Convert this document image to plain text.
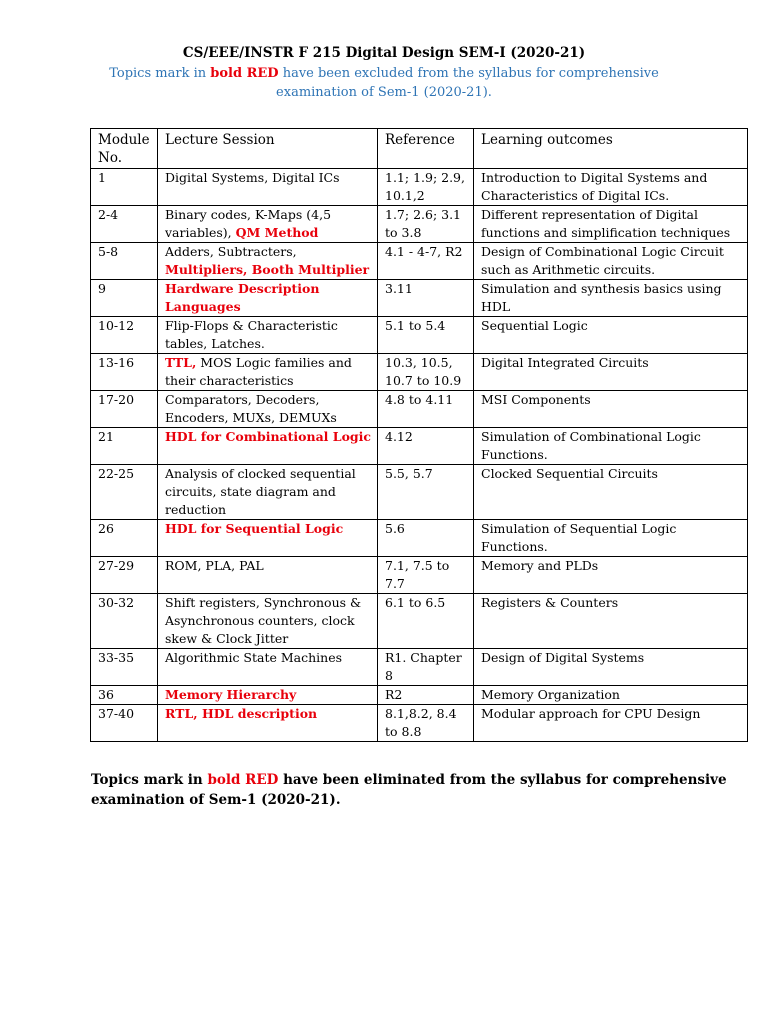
CS/EEE/INSTR F 215 Digital Design SEM-I (2020-21)

Topics mark in bold RED have been excluded from the syllabus for comprehensive examination of Sem-1 (2020-21).

Module No.	Lecture Session	Reference	Learning outcomes
1	Digital Systems, Digital ICs	1.1; 1.9; 2.9, 10.1,2	Introduction to Digital Systems and Characteristics of Digital ICs.
2-4	Binary codes, K-Maps (4,5 variables), QM Method	1.7; 2.6; 3.1 to 3.8	Different representation of Digital functions and simplification techniques
5-8	Adders, Subtracters, Multipliers, Booth Multiplier	4.1 - 4-7, R2	Design of Combinational Logic Circuit such as Arithmetic circuits.
9	Hardware Description Languages	3.11	Simulation and synthesis basics using HDL
10-12	Flip-Flops & Characteristic tables, Latches.	5.1 to 5.4	Sequential Logic
13-16	TTL, MOS Logic families and their characteristics	10.3, 10.5, 10.7 to 10.9	Digital Integrated Circuits
17-20	Comparators, Decoders, Encoders, MUXs, DEMUXs	4.8 to 4.11	MSI Components
21	HDL for Combinational Logic	4.12	Simulation of Combinational Logic Functions.
22-25	Analysis of clocked sequential circuits, state diagram and reduction	5.5, 5.7	Clocked Sequential Circuits
26	HDL for Sequential Logic	5.6	Simulation of Sequential Logic Functions.
27-29	ROM, PLA, PAL	7.1, 7.5 to 7.7	Memory and PLDs
30-32	Shift registers, Synchronous & Asynchronous counters, clock skew & Clock Jitter	6.1 to 6.5	Registers & Counters
33-35	Algorithmic State Machines	R1. Chapter 8	Design of Digital Systems
36	Memory Hierarchy	R2	Memory Organization
37-40	RTL, HDL description	8.1,8.2, 8.4 to 8.8	Modular approach for CPU Design
Topics mark in bold RED have been eliminated from the syllabus for comprehensive examination of Sem-1 (2020-21).
